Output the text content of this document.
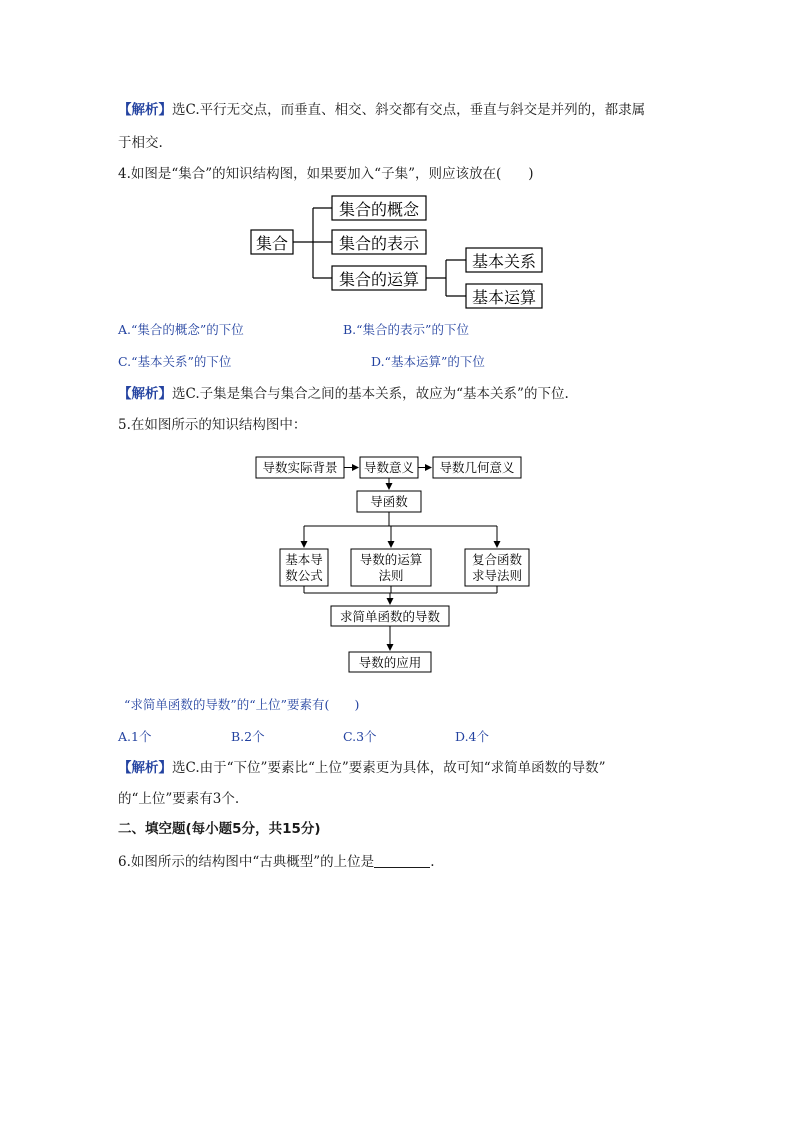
【解析】选C.平行无交点，而垂直、相交、斜交都有交点，垂直与斜交是并列的，都隶属
于相交.
4.如图是“集合”的知识结构图，如果要加入“子集”，则应该放在(　　)
集合
集合的概念
集合的表示
集合的运算
基本关系
基本运算
A.“集合的概念”的下位	B.“集合的表示”的下位
C.“基本关系”的下位	D.“基本运算”的下位
【解析】选C.子集是集合与集合之间的基本关系，故应为“基本关系”的下位.
5.在如图所示的知识结构图中：
导数实际背景 导数意义 导数几何意义
导函数
基本导
数公式
导数的运算
法则
复合函数
求导法则
求简单函数的导数
导数的应用
“求简单函数的导数”的“上位”要素有(　　)
A.1个	B.2个	C.3个	D.4个
【解析】选C.由于“下位”要素比“上位”要素更为具体，故可知“求简单函数的导数”
的“上位”要素有3个.
二、填空题(每小题5分，共15分)
6.如图所示的结构图中“古典概型”的上位是	.
